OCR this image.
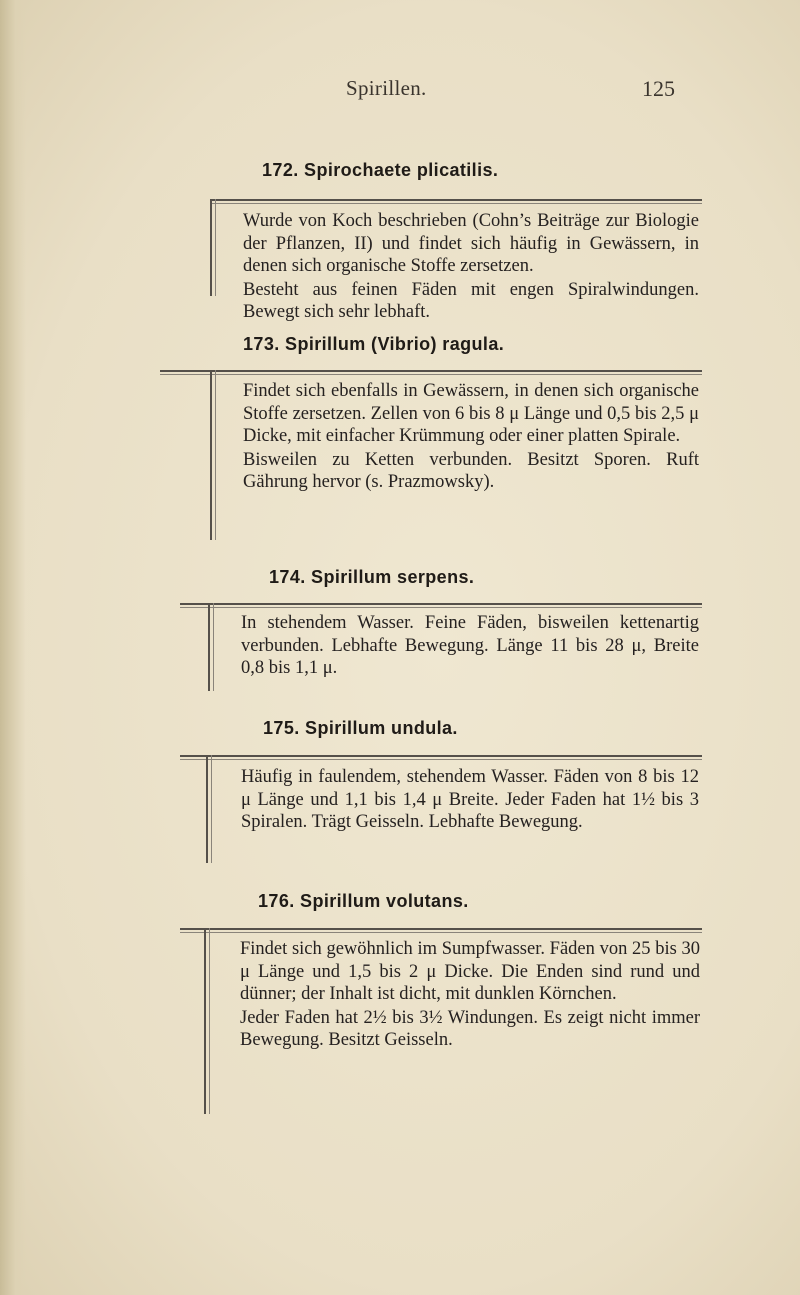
Spirillen.	125
172. Spirochaete plicatilis.

Wurde von Koch beschrieben (Cohn’s Beiträge zur Biologie der Pflanzen, II) und findet sich häufig in Gewässern, in denen sich organische Stoffe zersetzen.

Besteht aus feinen Fäden mit engen Spiralwindungen. Bewegt sich sehr lebhaft.

173. Spirillum (Vibrio) ragula.

Findet sich ebenfalls in Gewässern, in denen sich organische Stoffe zersetzen. Zellen von 6 bis 8 μ Länge und 0,5 bis 2,5 μ Dicke, mit einfacher Krümmung oder einer platten Spirale.

Bisweilen zu Ketten verbunden. Besitzt Sporen. Ruft Gährung hervor (s. Prazmowsky).

174. Spirillum serpens.

In stehendem Wasser. Feine Fäden, bisweilen kettenartig verbunden. Lebhafte Bewegung. Länge 11 bis 28 μ, Breite 0,8 bis 1,1 μ.

175. Spirillum undula.

Häufig in faulendem, stehendem Wasser. Fäden von 8 bis 12 μ Länge und 1,1 bis 1,4 μ Breite. Jeder Faden hat 1½ bis 3 Spiralen. Trägt Geisseln. Lebhafte Bewegung.

176. Spirillum volutans.

Findet sich gewöhnlich im Sumpfwasser. Fäden von 25 bis 30 μ Länge und 1,5 bis 2 μ Dicke. Die Enden sind rund und dünner; der Inhalt ist dicht, mit dunklen Körnchen.

Jeder Faden hat 2½ bis 3½ Windungen. Es zeigt nicht immer Bewegung. Besitzt Geisseln.
